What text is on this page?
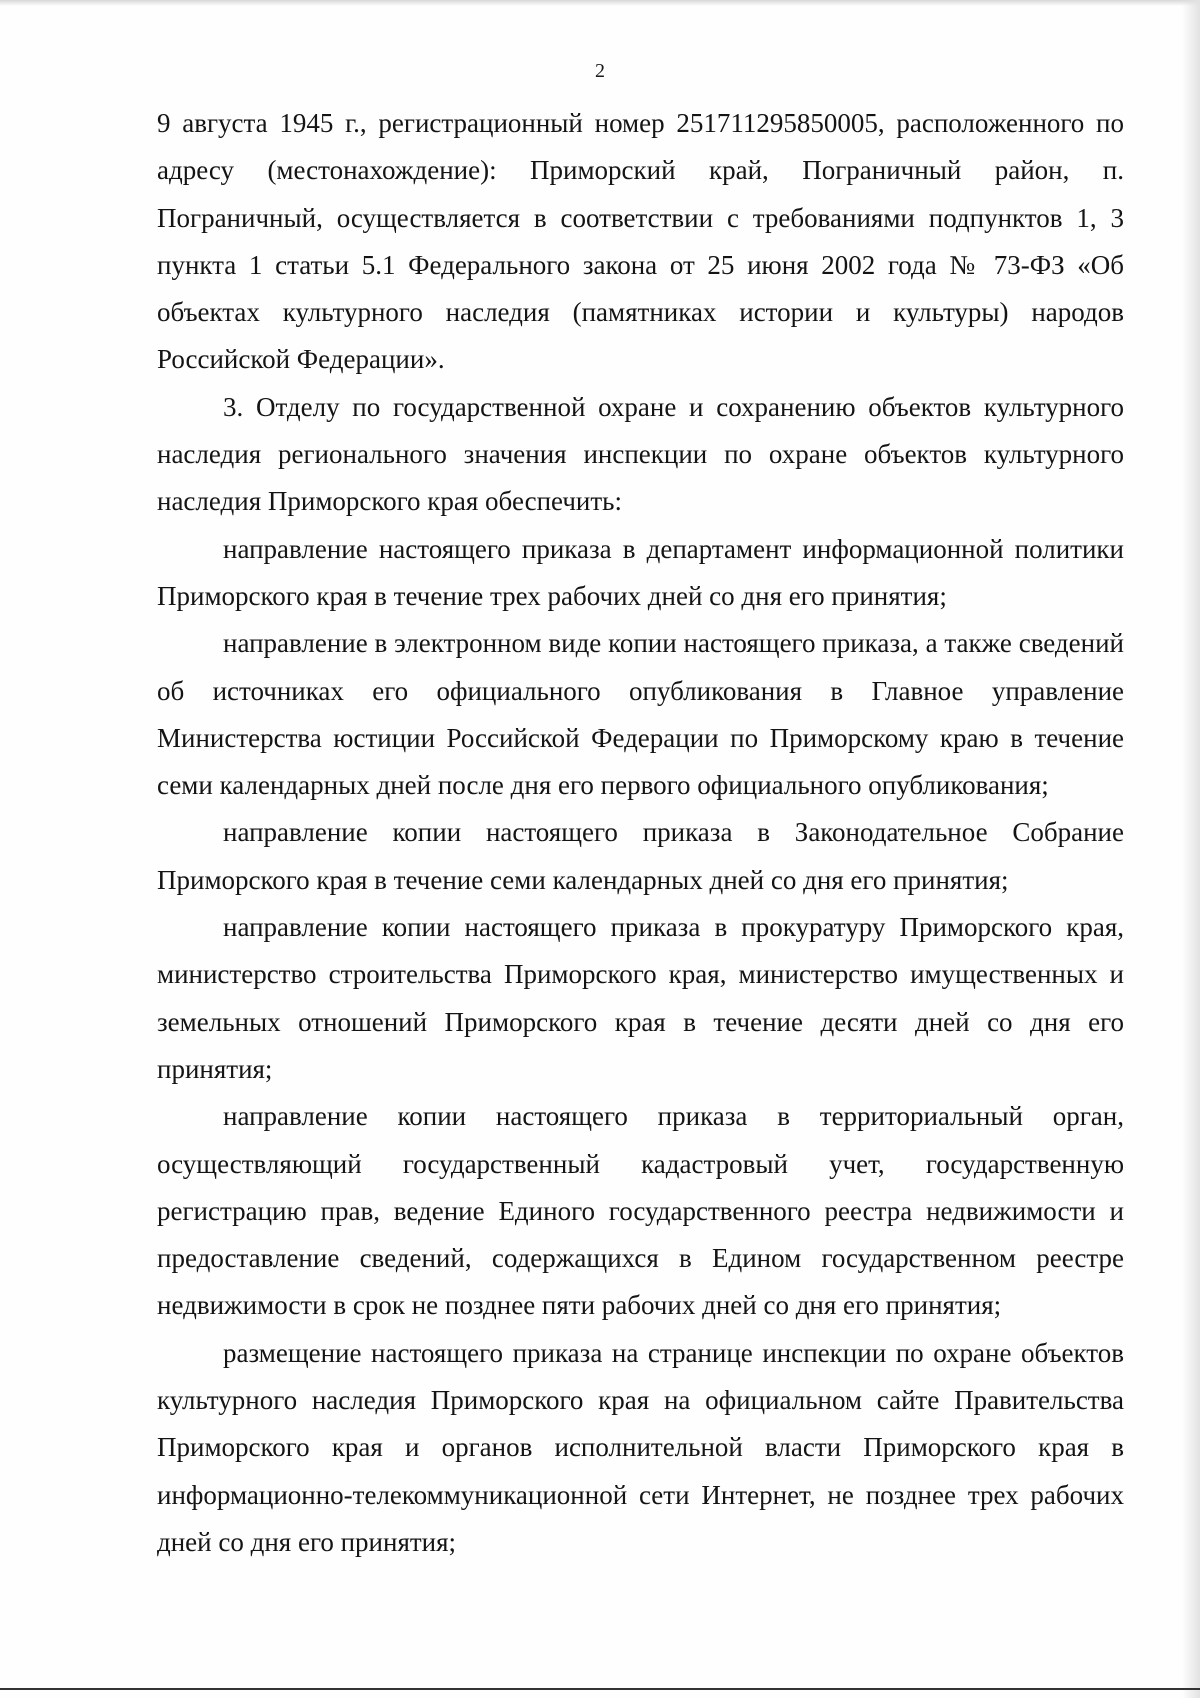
2

9 августа 1945 г., регистрационный номер 251711295850005, расположенного по адресу (местонахождение): Приморский край, Пограничный район, п. Пограничный, осуществляется в соответствии с требованиями подпунктов 1, 3 пункта 1 статьи 5.1 Федерального закона от 25 июня 2002 года № 73-ФЗ «Об объектах культурного наследия (памятниках истории и культуры) народов Российской Федерации».

3. Отделу по государственной охране и сохранению объектов культурного наследия регионального значения инспекции по охране объектов культурного наследия Приморского края обеспечить:

направление настоящего приказа в департамент информационной политики Приморского края в течение трех рабочих дней со дня его принятия;

направление в электронном виде копии настоящего приказа, а также сведений об источниках его официального опубликования в Главное управление Министерства юстиции Российской Федерации по Приморскому краю в течение семи календарных дней после дня его первого официального опубликования;

направление копии настоящего приказа в Законодательное Собрание Приморского края в течение семи календарных дней со дня его принятия;

направление копии настоящего приказа в прокуратуру Приморского края, министерство строительства Приморского края, министерство имущественных и земельных отношений Приморского края в течение десяти дней со дня его принятия;

направление копии настоящего приказа в территориальный орган, осуществляющий государственный кадастровый учет, государственную регистрацию прав, ведение Единого государственного реестра недвижимости и предоставление сведений, содержащихся в Едином государственном реестре недвижимости в срок не позднее пяти рабочих дней со дня его принятия;

размещение настоящего приказа на странице инспекции по охране объектов культурного наследия Приморского края на официальном сайте Правительства Приморского края и органов исполнительной власти Приморского края в информационно-телекоммуникационной сети Интернет, не позднее трех рабочих дней со дня его принятия;
